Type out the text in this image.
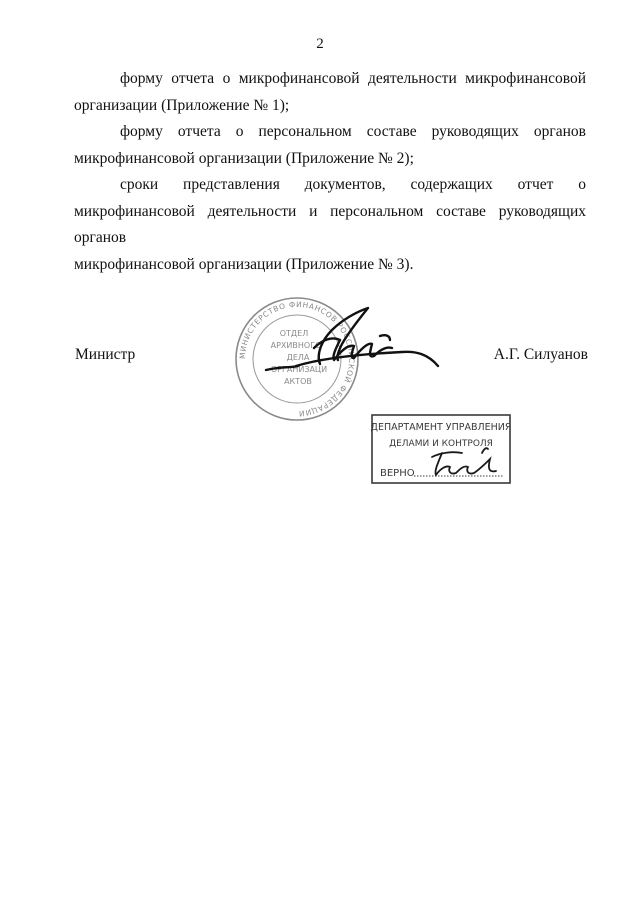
2

форму отчета о микрофинансовой деятельности микрофинансовой
организации (Приложение № 1);

форму отчета о персональном составе руководящих органов
микрофинансовой организации (Приложение № 2);

сроки представления документов, содержащих отчет о
микрофинансовой деятельности и персональном составе руководящих органов
микрофинансовой организации (Приложение № 3).

Министр	А.Г. Силуанов
МИНИСТЕРСТВО ФИНАНСОВ РОССИЙСКОЙ ФЕДЕРАЦИИ
ОТДЕЛ
АРХИВНОГО
ДЕЛА
ОРГАНИЗАЦИ
АКТОВ
ДЕПАРТАМЕНТ УПРАВЛЕНИЯ
ДЕЛАМИ И КОНТРОЛЯ
ВЕРНО
